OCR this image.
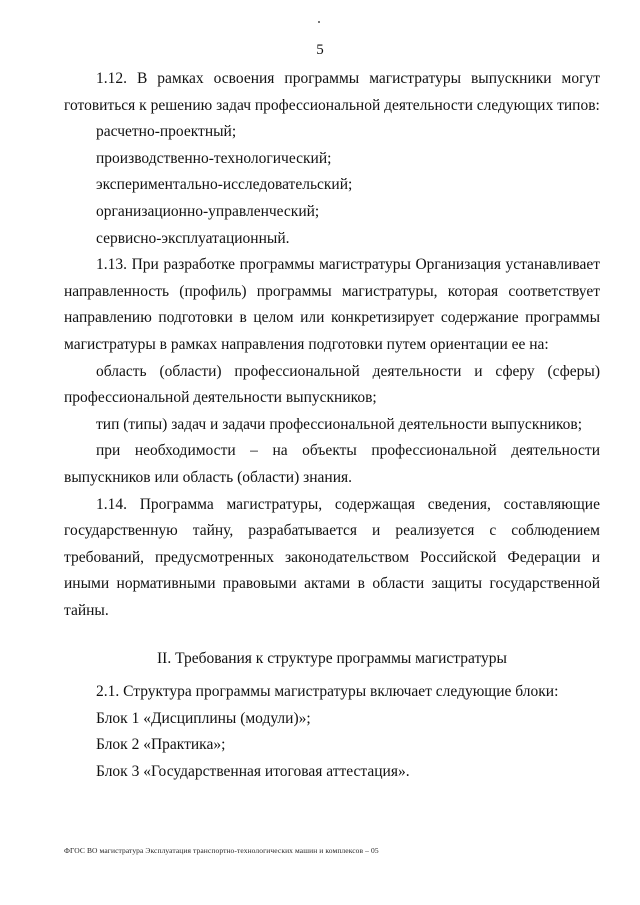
5

1.12. В рамках освоения программы магистратуры выпускники могут готовиться к решению задач профессиональной деятельности следующих типов:

расчетно-проектный;

производственно-технологический;

экспериментально-исследовательский;

организационно-управленческий;

сервисно-эксплуатационный.

1.13. При разработке программы магистратуры Организация устанавливает направленность (профиль) программы магистратуры, которая соответствует направлению подготовки в целом или конкретизирует содержание программы магистратуры в рамках направления подготовки путем ориентации ее на:

область (области) профессиональной деятельности и сферу (сферы) профессиональной деятельности выпускников;

тип (типы) задач и задачи профессиональной деятельности выпускников;

при необходимости – на объекты профессиональной деятельности выпускников или область (области) знания.

1.14. Программа магистратуры, содержащая сведения, составляющие государственную тайну, разрабатывается и реализуется с соблюдением требований, предусмотренных законодательством Российской Федерации и иными нормативными правовыми актами в области защиты государственной тайны.

II. Требования к структуре программы магистратуры

2.1. Структура программы магистратуры включает следующие блоки:

Блок 1 «Дисциплины (модули)»;

Блок 2 «Практика»;

Блок 3 «Государственная итоговая аттестация».

ФГОС ВО магистратура Эксплуатация транспортно-технологических машин и комплексов – 05
